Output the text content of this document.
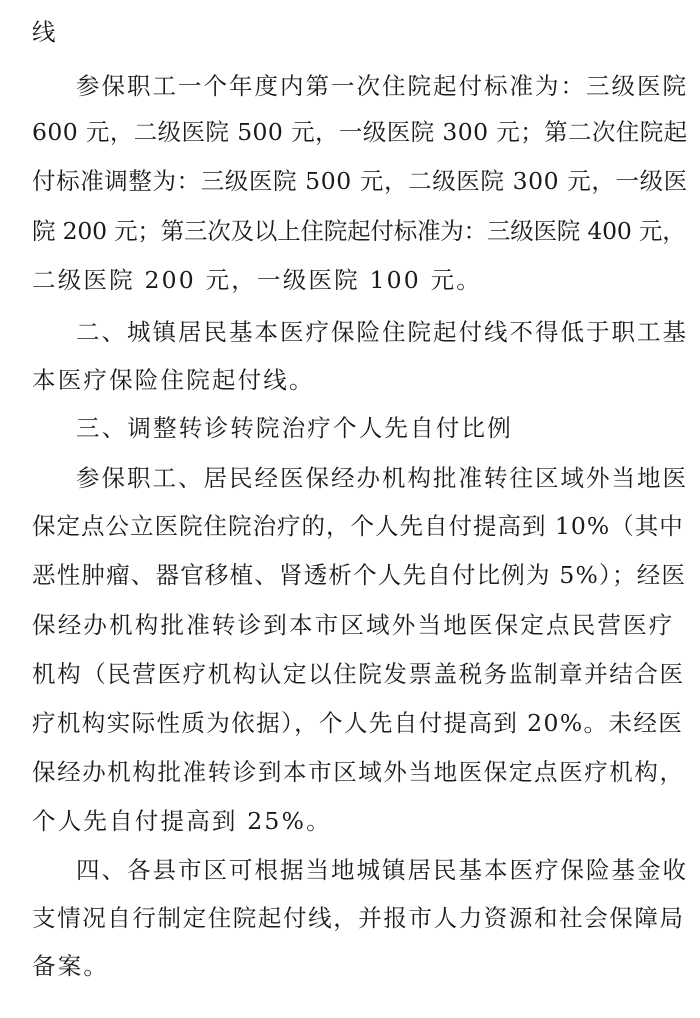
线
参保职工一个年度内第一次住院起付标准为：三级医院
600 元，二级医院 500 元，一级医院 300 元；第二次住院起
付标准调整为：三级医院 500 元，二级医院 300 元，一级医
院 200 元；第三次及以上住院起付标准为：三级医院 400 元，
二级医院 200 元，一级医院 100 元。
二、城镇居民基本医疗保险住院起付线不得低于职工基
本医疗保险住院起付线。
三、调整转诊转院治疗个人先自付比例
参保职工、居民经医保经办机构批准转往区域外当地医
保定点公立医院住院治疗的，个人先自付提高到 10%（其中
恶性肿瘤、器官移植、肾透析个人先自付比例为 5%）；经医
保经办机构批准转诊到本市区域外当地医保定点民营医疗
机构（民营医疗机构认定以住院发票盖税务监制章并结合医
疗机构实际性质为依据），个人先自付提高到 20%。未经医
保经办机构批准转诊到本市区域外当地医保定点医疗机构，
个人先自付提高到 25%。
四、各县市区可根据当地城镇居民基本医疗保险基金收
支情况自行制定住院起付线，并报市人力资源和社会保障局
备案。
